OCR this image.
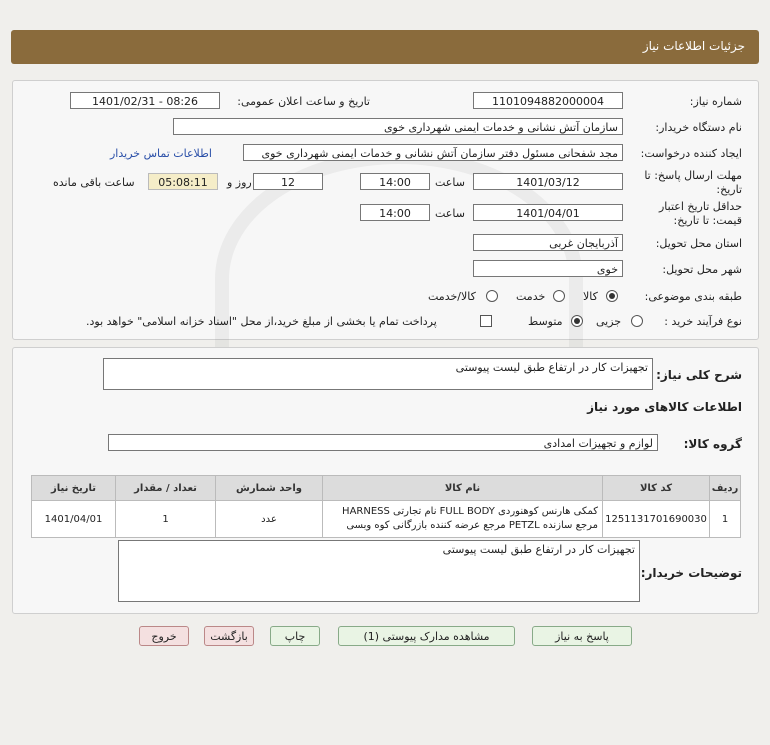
جزئیات اطلاعات نیاز
شماره نیاز:
1101094882000004
تاریخ و ساعت اعلان عمومی:
1401/02/31 - 08:26
نام دستگاه خریدار:
سازمان آتش نشانی و خدمات ایمنی شهرداری خوی
ایجاد کننده درخواست:
مجد شفحانی مسئول دفتر سازمان آتش نشانی و خدمات ایمنی شهرداری خوی
اطلاعات تماس خریدار
مهلت ارسال پاسخ: تا تاریخ:
1401/03/12
ساعت
14:00
12
روز و
05:08:11
ساعت باقی مانده
حداقل تاریخ اعتبار قیمت: تا تاریخ:
1401/04/01
ساعت
14:00
استان محل تحویل:
آذربایجان غربی
شهر محل تحویل:
خوی
طبقه بندی موضوعی:
کالا
خدمت
کالا/خدمت
نوع فرآیند خرید :
جزیی
متوسط
پرداخت تمام یا بخشی از مبلغ خرید،از محل "اسناد خزانه اسلامی" خواهد بود.
شرح کلی نیاز:
تجهیزات کار در ارتفاع طبق لیست پیوستی
اطلاعات کالاهای مورد نیاز
گروه کالا:
لوازم و تجهیزات امدادی
ردیف	کد کالا	نام کالا	واحد شمارش	تعداد / مقدار	تاریخ نیاز
1	1251131701690030	کمکی هارنس کوهنوردی FULL BODY نام تجارتی HARNESS
مرجع سازنده PETZL مرجع عرضه کننده بازرگانی کوه وبسی	عدد	1	1401/04/01
توضیحات خریدار:
تجهیزات کار در ارتفاع طبق لیست پیوستی
پاسخ به نیاز
مشاهده مدارک پیوستی (1)
چاپ
بازگشت
خروج
